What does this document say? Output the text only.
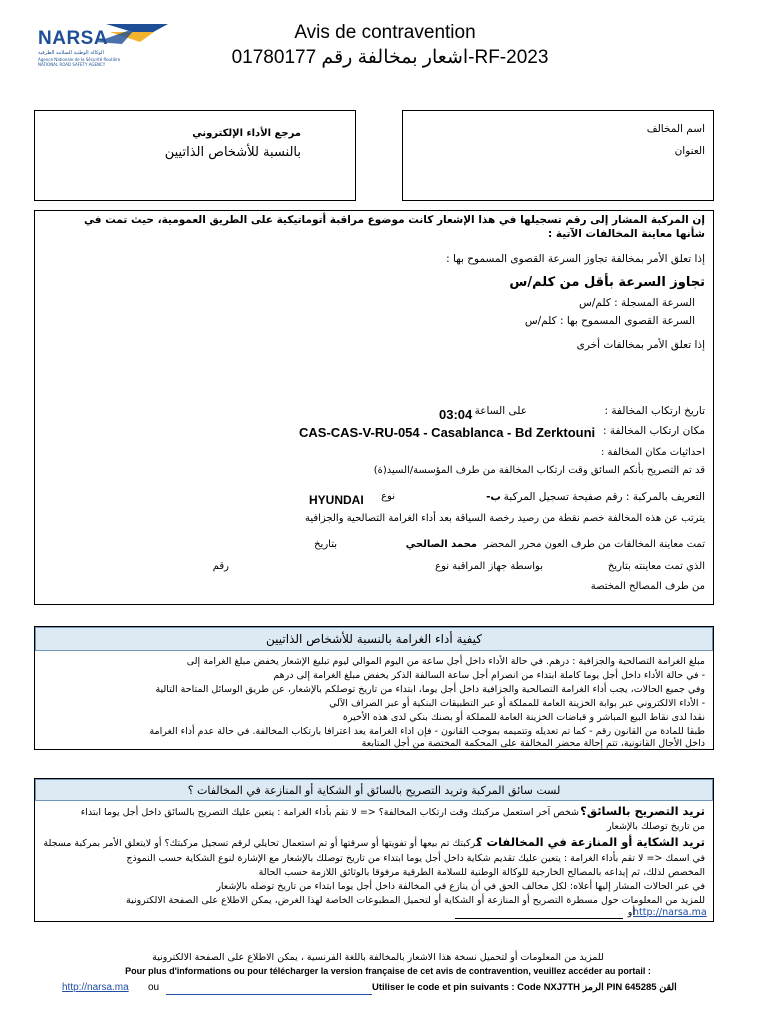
NARSA
الوكالة الوطنية للسلامة الطرقية
Agence Nationale de la Sécurité Routière
NATIONAL ROAD SAFETY AGENCY
Avis de contravention
اشعار بمخالفة رقم 01780177-RF-2023
مرجع الأداء الإلكتروني
بالنسبة للأشخاص الذاتيين
اسم المخالف
العنوان
إن المركبة المشار إلى رقم تسجيلها في هذا الإشعار كانت موضوع مراقبة أتوماتيكية على الطريق العمومية، حيث تمت في شأنها معاينة المخالفات الآتية :
إذا تعلق الأمر بمخالفة تجاوز السرعة القصوى المسموح بها :
تجاوز السرعة بأقل من كلم/س
السرعة المسجلة : كلم/س
السرعة القصوى المسموح بها : كلم/س
إذا تعلق الأمر بمخالفات أخرى
تاريخ ارتكاب المخالفة :
على الساعة
03:04
مكان ارتكاب المخالفة :
CAS-CAS-V-RU-054 - Casablanca - Bd Zerktouni
احداثيات مكان المخالفة :
قد تم التصريح بأنكم السائق وقت ارتكاب المخالفة من طرف المؤسسة/السيد(ة)
التعريف بالمركبة : رقم صفيحة تسجيل المركبة
ب-
نوع
HYUNDAI
يترتب عن هذه المخالفة خصم نقطة من رصيد رخصة السياقة بعد أداء الغرامة التصالحية والجزافية
تمت معاينة المخالفات من طرف العون محرر المحضر
محمد الصالحي
بتاريخ
الذي تمت معاينته بتاريخ
بواسطة جهاز المراقبة نوع
رقم
من طرف المصالح المختصة
كيفية أداء الغرامة بالنسبة للأشخاص الذاتيين
مبلغ الغرامة التصالحية والجزافية : درهم. في حالة الأداء داخل أجل ساعة من اليوم الموالي ليوم تبليغ الإشعار يخفض مبلغ الغرامة إلى
- في حالة الأداء داخل أجل يوما كاملة ابتداء من انصرام أجل ساعة السالفة الذكر يخفض مبلغ الغرامة إلى درهم
وفي جميع الحالات، يجب أداء الغرامة التصالحية والجزافية داخل أجل يوما، ابتداء من تاريخ توصلكم بالإشعار، عن طريق الوسائل المتاحة التالية
- الأداء الالكتروني عبر بوابة الخزينة العامة للمملكة أو عبر التطبيقات البنكية أو عبر الصراف الآلي
نقدا لدى نقاط البيع المباشر و قباضات الخزينة العامة للمملكة أو بصنك بنكي لدى هذه الأخيرة
طبقا للمادة من القانون رقم - كما تم تعديله وتتميمه بموجب القانون - فإن اداء الغرامة يعد اعترافا بارتكاب المخالفة. في حالة عدم أداء الغرامة
داخل الأجال القانونية، تتم إحالة محضر المخالفة على المحكمة المختصة من أجل المتابعة
لست سائق المركبة وتريد التصريح بالسائق أو الشكاية أو المنازعة في المخالفات ؟
تريد التصريح بالسائق؟
شخص آخر استعمل مركبتك وقت ارتكاب المخالفة؟ <= لا تقم بأداء الغرامة : يتعين عليك التصريح بالسائق داخل أجل يوما ابتداء
من تاريخ توصلك بالإشعار
تريد الشكاية أو المنازعة في المخالفات ؟
مركبتك تم بيعها أو تفويتها أو سرقتها أو تم استعمال تحايلي لرقم تسجيل مركبتك؟ أو لايتعلق الأمر بمركبة مسجلة
في اسمك <= لا تقم بأداء الغرامة : يتعين عليك تقديم شكاية داخل أجل يوما ابتداء من تاريخ توصلك بالإشعار مع الإشارة لنوع الشكاية حسب النموذج
المخصص لذلك، ثم إيداعه بالمصالح الخارجية للوكالة الوطنية للسلامة الطرقية مرفوقا بالوثائق اللازمة حسب الحالة
في عبر الحالات المشار إليها أعلاه: لكل مخالف الحق في أن ينازع في المخالفة داخل أجل يوما ابتداء من تاريخ توصله بالإشعار
للمزيد من المعلومات حول مسطرة التصريح أو المنازعة أو الشكاية أو لتحميل المطبوعات الخاصة لهذا الغرض، يمكن الاطلاع على الصفحة الالكترونية
http://narsa.ma
أو
للمزيد من المعلومات أو لتحميل نسخة هذا الاشعار بالمخالفة باللغة الفرنسية ، يمكن الاطلاع على الصفحة الالكترونية
Pour plus d'informations ou pour télécharger la version française de cet avis de contravention, veuillez accéder au portail :
http://narsa.ma ou	Utiliser le code et pin suivants : Code NXJ7TH الرمز PIN 645285 القن
